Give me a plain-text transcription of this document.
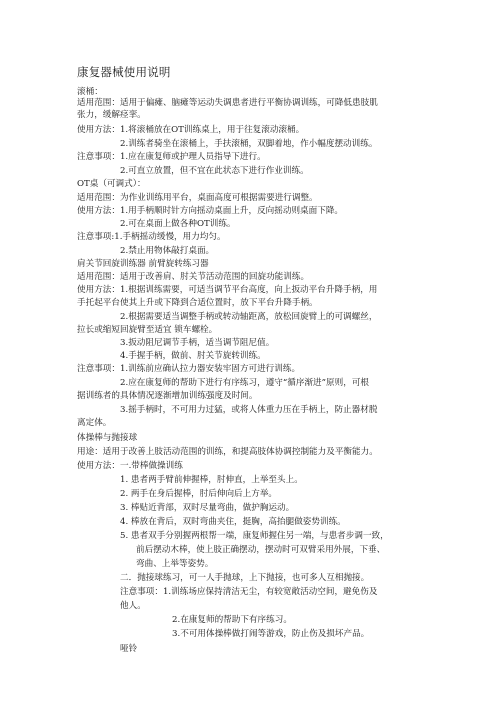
康复器械使用说明
滚桶：
适用范围：适用于偏瘫、脑瘫等运动失调患者进行平衡协调训练，可降低患肢肌
张力，缓解痉挛。
使用方法：1.将滚桶放在OT训练桌上，用于往复滚动滚桶。
2.训练者骑坐在滚桶上，手扶滚桶，双脚着地，作小幅度摆动训练。
注意事项：1.应在康复师或护理人员指导下进行。
2.可直立放置，但不宜在此状态下进行作业训练。
OT桌（可调式）：
适用范围：为作业训练用平台，桌面高度可根据需要进行调整。
使用方法：1.用手柄顺时针方向摇动桌面上升，反向摇动则桌面下降。
2.可在桌面上做各种OT训练。
注意事项:1.手柄摇动缓慢，用力均匀。
2.禁止用物体敲打桌面。
肩关节回旋训练器 前臂旋转练习器
适用范围：适用于改善肩、肘关节活动范围的回旋功能训练。
使用方法：1.根据训练需要，可适当调节平台高度，向上扳动平台升降手柄，用
手托起平台使其上升或下降到合适位置时，放下平台升降手柄。
2.根据需要适当调整手柄或转动轴距离，放松回旋臂上的可调螺丝，
拉长或缩短回旋臂至适宜 锁车螺栓。
3.扳动阻尼调节手柄，适当调节阻尼值。
4.手握手柄，做前、肘关节旋转训练。
注意事项：1.训练前应确认拉力器安装牢固方可进行训练。
2.应在康复师的帮助下进行有序练习，遵守“循序渐进”原则，可根
据训练者的具体情况逐渐增加训练强度及时间。
3.摇手柄时，不可用力过猛，或将人体重力压在手柄上，防止器材脱
离定体。
体操棒与抛接球
用途：适用于改善上肢活动范围的训练，和提高肢体协调控制能力及平衡能力。
使用方法：一.带棒做操训练
1. 患者两手臂前伸握棒，肘伸直，上举至头上。
2. 两手在身后握棒，肘后伸向后上方举。
3. 棒贴近背部，双时尽量弯曲，做护胸运动。
4. 棒放在背后，双时弯曲夹住，挺胸，高抬腿做姿势训练。
5. 患者双手分别握两根帮一端，康复师握住另一端，与患者步调一致，
前后摆动木棒，使上肢正确摆动，摆动时可双臂采用外展，下垂、
弯曲、上举等姿势。
二．抛接球练习，可一人手抛球，上下抛接，也可多人互相抛接。
注意事项：1.训练场应保持清洁无尘，有较宽敞活动空间，避免伤及
他人。
2.在康复师的帮助下有序练习。
3.不可用体操棒做打闹等游戏，防止伤及损坏产品。
哑铃
